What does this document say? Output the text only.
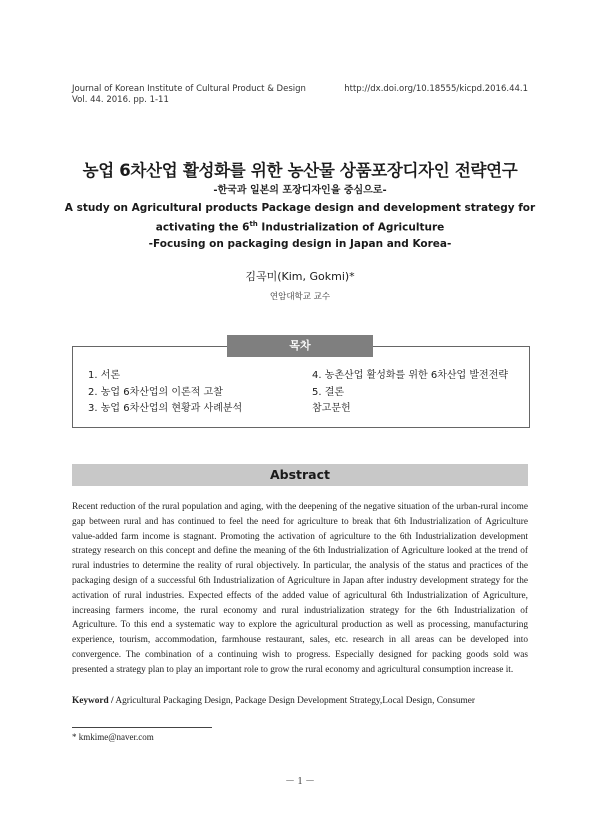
Journal of Korean Institute of Cultural Product & Design
Vol. 44. 2016. pp. 1-11
http://dx.doi.org/10.18555/kicpd.2016.44.1
농업 6차산업 활성화를 위한 농산물 상품포장디자인 전략연구
-한국과 일본의 포장디자인을 중심으로-
A study on Agricultural products Package design and development strategy for
activating the 6th Industrialization of Agriculture
-Focusing on packaging design in Japan and Korea-
김곡미(Kim, Gokmi)*
연암대학교 교수
목차
1. 서론
2. 농업 6차산업의 이론적 고찰
3. 농업 6차산업의 현황과 사례분석
4. 농촌산업 활성화를 위한 6차산업 발전전략
5. 결론
참고문헌
Abstract
Recent reduction of the rural population and aging, with the deepening of the negative situation of the urban-rural income gap between rural and has continued to feel the need for agriculture to break that 6th Industrialization of Agriculture value-added farm income is stagnant. Promoting the activation of agriculture to the 6th Industrialization development strategy research on this concept and define the meaning of the 6th Industrialization of Agriculture looked at the trend of rural industries to determine the reality of rural objectively. In particular, the analysis of the status and practices of the packaging design of a successful 6th Industrialization of Agriculture in Japan after industry development strategy for the activation of rural industries. Expected effects of the added value of agricultural 6th Industrialization of Agriculture, increasing farmers income, the rural economy and rural industrialization strategy for the 6th Industrialization of Agriculture. To this end a systematic way to explore the agricultural production as well as processing, manufacturing experience, tourism, accommodation, farmhouse restaurant, sales, etc. research in all areas can be developed into convergence. The combination of a continuing wish to progress. Especially designed for packing goods sold was presented a strategy plan to play an important role to grow the rural economy and agricultural consumption increase it.
Keyword / Agricultural Packaging Design, Package Design Development Strategy,Local Design, Consumer
* kmkime@naver.com
－ 1 －
